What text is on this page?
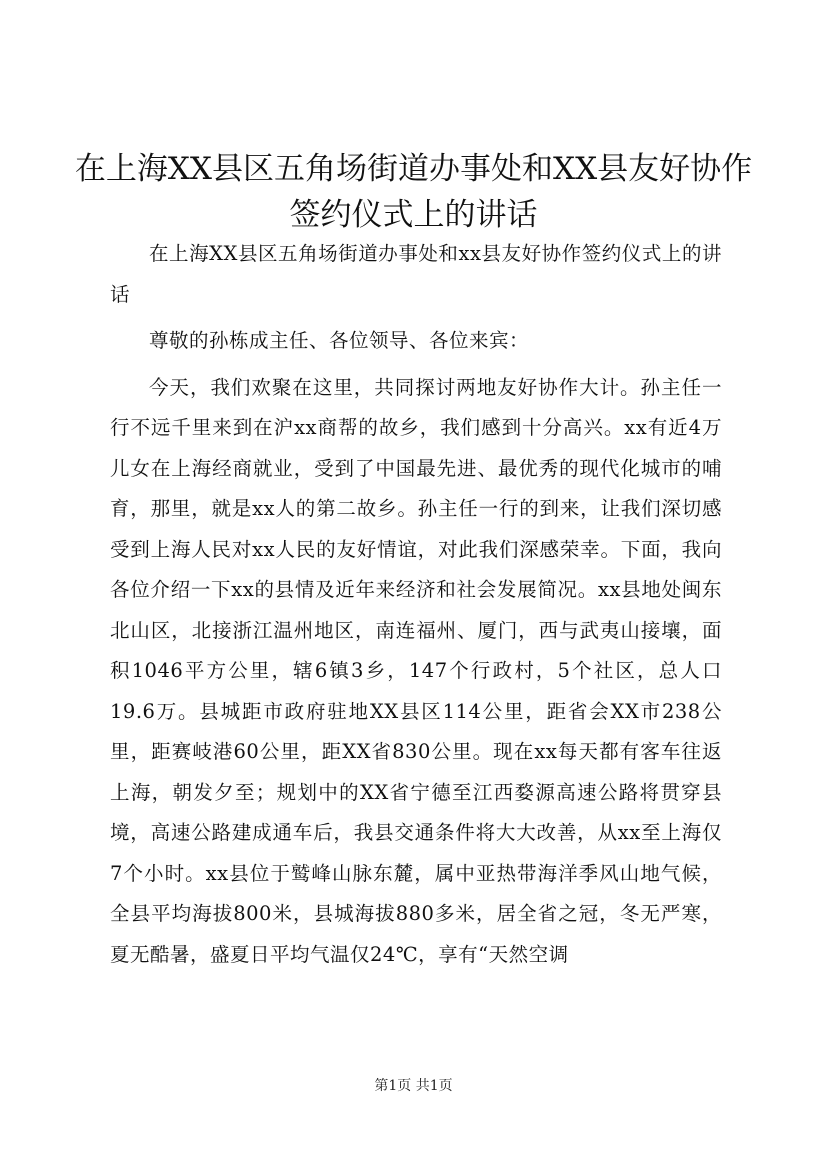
在上海XX县区五角场街道办事处和XX县友好协作签约仪式上的讲话

在上海XX县区五角场街道办事处和xx县友好协作签约仪式上的讲话

尊敬的孙栋成主任、各位领导、各位来宾：

今天，我们欢聚在这里，共同探讨两地友好协作大计。孙主任一行不远千里来到在沪xx商帮的故乡，我们感到十分高兴。xx有近4万儿女在上海经商就业，受到了中国最先进、最优秀的现代化城市的哺育，那里，就是xx人的第二故乡。孙主任一行的到来，让我们深切感受到上海人民对xx人民的友好情谊，对此我们深感荣幸。下面，我向各位介绍一下xx的县情及近年来经济和社会发展简况。xx县地处闽东北山区，北接浙江温州地区，南连福州、厦门，西与武夷山接壤，面积1046平方公里，辖6镇3乡，147个行政村，5个社区，总人口19.6万。县城距市政府驻地XX县区114公里，距省会XX市238公里，距赛岐港60公里，距XX省830公里。现在xx每天都有客车往返上海，朝发夕至；规划中的XX省宁德至江西婺源高速公路将贯穿县境，高速公路建成通车后，我县交通条件将大大改善，从xx至上海仅7个小时。xx县位于鹫峰山脉东麓，属中亚热带海洋季风山地气候，全县平均海拔800米，县城海拔880多米，居全省之冠，冬无严寒，夏无酷暑，盛夏日平均气温仅24℃，享有“天然空调

第1页 共1页
